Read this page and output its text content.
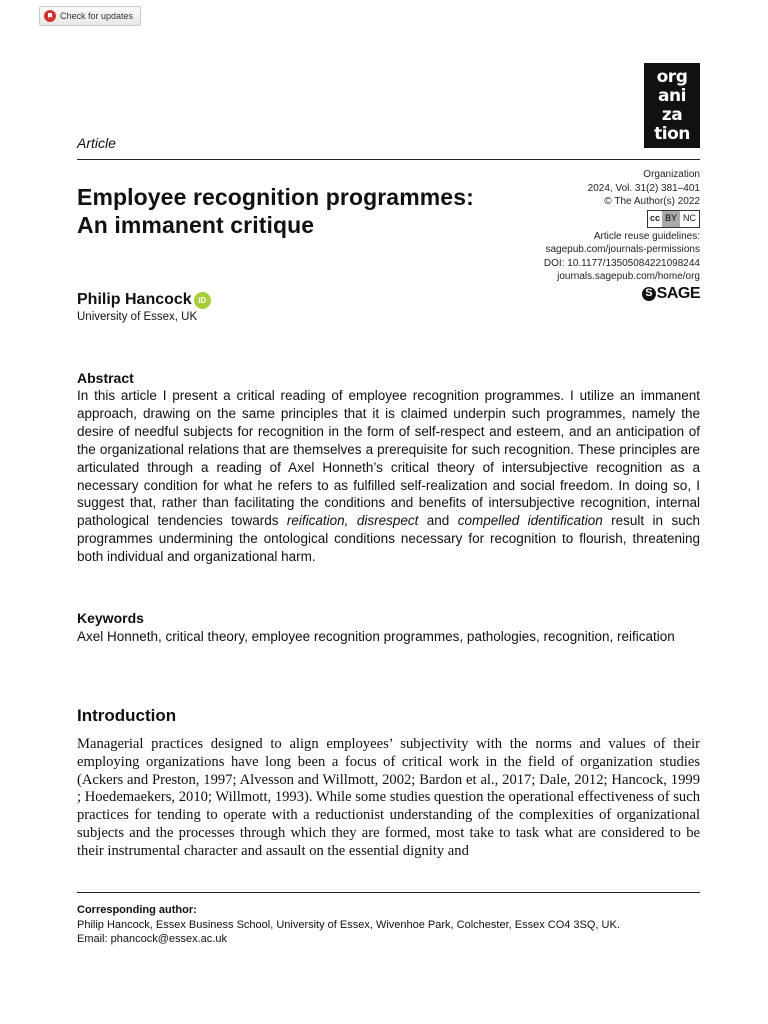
Check for updates
org
ani
za
tion
Article
Organization
2024, Vol. 31(2) 381–401
© The Author(s) 2022
cc BY NC
Article reuse guidelines:
sagepub.com/journals-permissions
DOI: 10.1177/13505084221098244
journals.sagepub.com/home/org
S SAGE
Employee recognition programmes:
An immanent critique
Philip Hancock iD
University of Essex, UK
Abstract
In this article I present a critical reading of employee recognition programmes. I utilize an immanent approach, drawing on the same principles that it is claimed underpin such programmes, namely the desire of needful subjects for recognition in the form of self-respect and esteem, and an anticipation of the organizational relations that are themselves a prerequisite for such recognition. These principles are articulated through a reading of Axel Honneth’s critical theory of intersubjective recognition as a necessary condition for what he refers to as fulfilled self-realization and social freedom. In doing so, I suggest that, rather than facilitating the conditions and benefits of intersubjective recognition, internal pathological tendencies towards reification, disrespect and compelled identification result in such programmes undermining the ontological conditions necessary for recognition to flourish, threatening both individual and organizational harm.
Keywords
Axel Honneth, critical theory, employee recognition programmes, pathologies, recognition, reification
Introduction
Managerial practices designed to align employees’ subjectivity with the norms and values of their employing organizations have long been a focus of critical work in the field of organization studies (Ackers and Preston, 1997; Alvesson and Willmott, 2002; Bardon et al., 2017; Dale, 2012; Hancock, 1999 ; Hoedemaekers, 2010; Willmott, 1993). While some studies question the operational effectiveness of such practices for tending to operate with a reductionist understanding of the complexities of organizational subjects and the processes through which they are formed, most take to task what are considered to be their instrumental character and assault on the essential dignity and
Corresponding author:
Philip Hancock, Essex Business School, University of Essex, Wivenhoe Park, Colchester, Essex CO4 3SQ, UK.
Email: phancock@essex.ac.uk
